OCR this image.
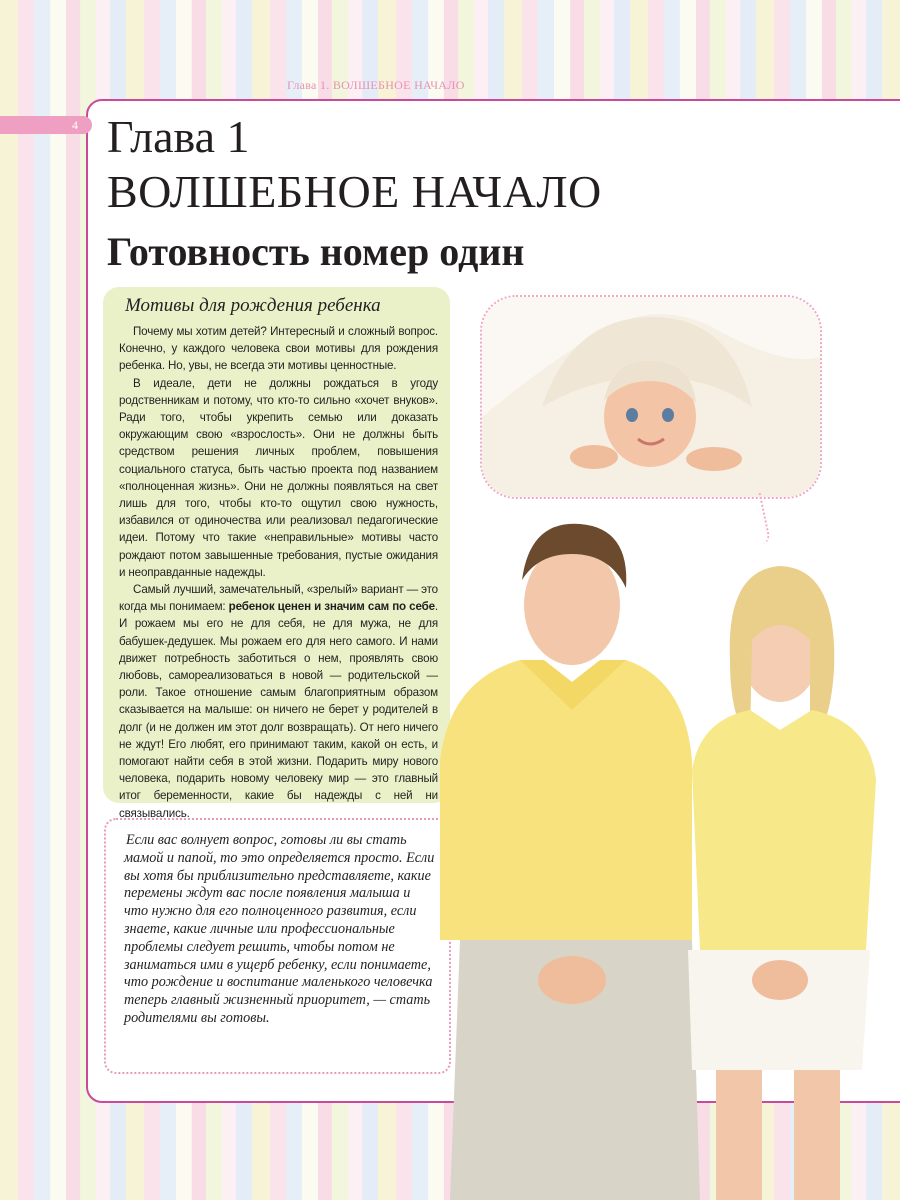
Глава 1. ВОЛШЕБНОЕ НАЧАЛО
4 Глава 1
ВОЛШЕБНОЕ НАЧАЛО
Готовность номер один
Мотивы для рождения ребенка

Почему мы хотим детей? Интересный и сложный вопрос. Конечно, у каждого человека свои мотивы для рождения ребенка. Но, увы, не всегда эти мотивы ценностные.

В идеале, дети не должны рождаться в угоду родственникам и потому, что кто-то сильно «хочет внуков». Ради того, чтобы укрепить семью или доказать окружающим свою «взрослость». Они не должны быть средством решения личных проблем, повышения социального статуса, быть частью проекта под названием «полноценная жизнь». Они не должны появляться на свет лишь для того, чтобы кто-то ощутил свою нужность, избавился от одиночества или реализовал педагогические идеи. Потому что такие «неправильные» мотивы часто рождают потом завышенные требования, пустые ожидания и неоправданные надежды.

Самый лучший, замечательный, «зрелый» вариант — это когда мы понимаем: ребенок ценен и значим сам по себе. И рожаем мы его не для себя, не для мужа, не для бабушек-дедушек. Мы рожаем его для него самого. И нами движет потребность заботиться о нем, проявлять свою любовь, самореализоваться в новой — родительской — роли. Такое отношение самым благоприятным образом сказывается на малыше: он ничего не берет у родителей в долг (и не должен им этот долг возвращать). От него ничего не ждут! Его любят, его принимают таким, какой он есть, и помогают найти себя в этой жизни. Подарить миру нового человека, подарить новому человеку мир — это главный итог беременности, какие бы надежды с ней ни связывались.

Если вас волнует вопрос, готовы ли вы стать мамой и папой, то это определяется просто. Если вы хотя бы приблизительно представляете, какие перемены ждут вас после появления малыша и что нужно для его полноценного развития, если знаете, какие личные или профессиональные проблемы следует решить, чтобы потом не заниматься ими в ущерб ребенку, если понимаете, что рождение и воспитание маленького человечка теперь главный жизненный приоритет, — стать родителями вы готовы.
